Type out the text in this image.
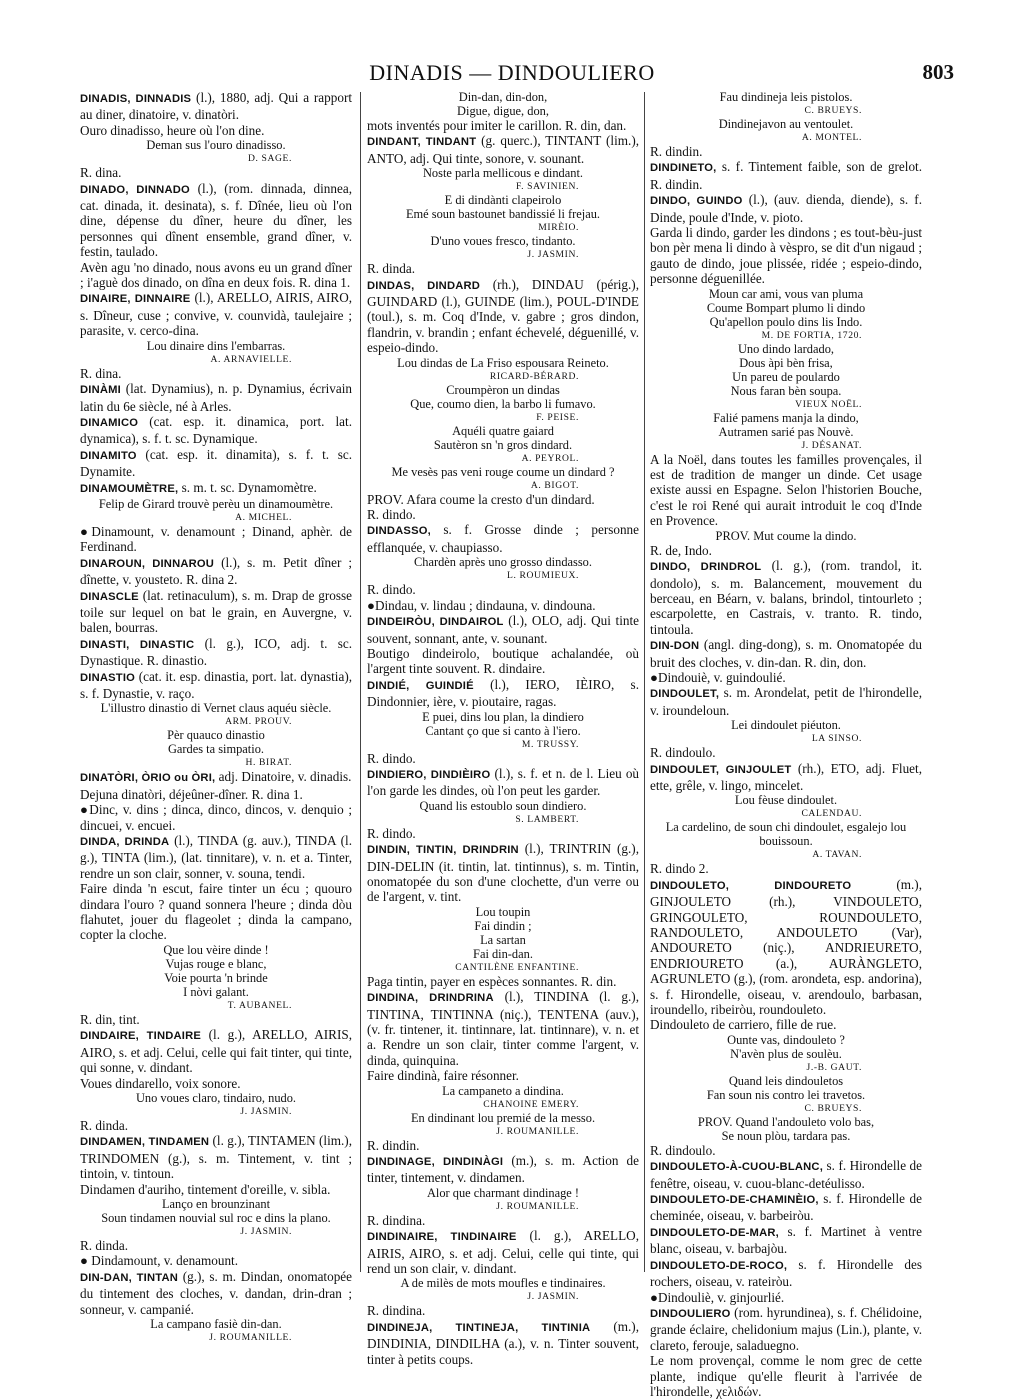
DINADIS — DINDOULIERO	803

DINADIS, DINNADIS (l.), 1880, adj. Qui a rapport au diner, dinatoire, v. dinatòri.

Ouro dinadisso, heure où l'on dine.

Deman sus l'ouro dinadisso.

D. SAGE.

R. dina.

DINADO, DINNADO (l.), (rom. dinnada, dinnea, cat. dinada, it. desinata), s. f. Dînée, lieu où l'on dine, dépense du dîner, heure du dîner, les personnes qui dînent ensemble, grand dîner, v. festin, taulado.

Avèn agu 'no dinado, nous avons eu un grand dîner ; i'aguè dos dinado, on dîna en deux fois. R. dina 1.

DINAIRE, DINNAIRE (l.), ARELLO, AIRIS, AIRO, s. Dîneur, cuse ; convive, v. counvidà, taulejaire ; parasite, v. cerco-dina.

Lou dinaire dins l'embarras.

A. ARNAVIELLE.

R. dina.

DINÀMI (lat. Dynamius), n. p. Dynamius, écrivain latin du 6e siècle, né à Arles.

DINAMICO (cat. esp. it. dinamica, port. lat. dynamica), s. f. t. sc. Dynamique.

DINAMITO (cat. esp. it. dinamita), s. f. t. sc. Dynamite.

DINAMOUMÈTRE, s. m. t. sc. Dynamomètre.

Felip de Girard trouvè perèu un dinamoumètre.

A. MICHEL.

●Dinamount, v. denamount ; Dinand, aphèr. de Ferdinand.

DINAROUN, DINNAROU (l.), s. m. Petit dîner ; dînette, v. yousteto. R. dina 2.

DINASCLE (lat. retinaculum), s. m. Drap de grosse toile sur lequel on bat le grain, en Auvergne, v. balen, bourras.

DINASTI, DINASTIC (l. g.), ICO, adj. t. sc. Dynastique. R. dinastio.

DINASTIO (cat. it. esp. dinastia, port. lat. dynastia), s. f. Dynastie, v. raço.

L'illustro dinastio di Vernet claus aquéu siècle.

ARM. PROUV.

Pèr quauco dinastio
Gardes ta simpatio.

H. BIRAT.

DINATÒRI, ÒRIO ou ÒRI, adj. Dinatoire, v. dinadis.

Dejuna dinatòri, déjeûner-dîner. R. dina 1.

●Dinc, v. dins ; dinca, dinco, dincos, v. denquio ; dincuei, v. encuei.

DINDA, DRINDA (l.), TINDA (g. auv.), TINDA (l. g.), TINTA (lim.), (lat. tinnitare), v. n. et a. Tinter, rendre un son clair, sonner, v. souna, tendi.

Faire dinda 'n escut, faire tinter un écu ; quouro dindara l'ouro ? quand sonnera l'heure ; dinda dòu flahutet, jouer du flageolet ; dinda la campano, copter la cloche.

Que lou vèire dinde !
Vujas rouge e blanc,
Voie pourta 'n brinde
I nòvi galant.

T. AUBANEL.

R. din, tint.

DINDAIRE, TINDAIRE (l. g.), ARELLO, AIRIS, AIRO, s. et adj. Celui, celle qui fait tinter, qui tinte, qui sonne, v. dindant.

Voues dindarello, voix sonore.

Uno voues claro, tindairo, nudo.

J. JASMIN.

R. dinda.

DINDAMEN, TINDAMEN (l. g.), TINTAMEN (lim.), TRINDOMEN (g.), s. m. Tintement, v. tint ; tintoin, v. tintoun.

Dindamen d'auriho, tintement d'oreille, v. sibla.

Lanço en brounzinant
Soun tindamen nouvial sul roc e dins la plano.

J. JASMIN.

R. dinda.

● Dindamount, v. denamount.

DIN-DAN, TINTAN (g.), s. m. Dindan, onomatopée du tintement des cloches, v. dandan, drin-dran ; sonneur, v. campanié.

La campano fasiè din-dan.

J. ROUMANILLE.

Din-dan, din-don,
Digue, digue, don,

mots inventés pour imiter le carillon. R. din, dan.

DINDANT, TINDANT (g. querc.), TINTANT (lim.), ANTO, adj. Qui tinte, sonore, v. sounant.

Noste parla mellicous e dindant.

F. SAVINIEN.

E di dindànti clapeirolo
Emé soun bastounet bandissié li frejau.

MIRÈIO.

D'uno voues fresco, tindanto.

J. JASMIN.

R. dinda.

DINDAS, DINDARD (rh.), DINDAU (périg.), GUINDARD (l.), GUINDE (lim.), POUL-D'INDE (toul.), s. m. Coq d'Inde, v. gabre ; gros dindon, flandrin, v. brandin ; enfant échevelé, déguenillé, v. espeio-dindo.

Lou dindas de La Friso espousara Reineto.

RICARD-BÉRARD.

Croumpèron un dindas
Que, coumo dien, la barbo li fumavo.

F. PEISE.

Aquéli quatre gaiard
Sautèron sn 'n gros dindard.

A. PEYROL.

Me vesès pas veni rouge coume un dindard ?

A. BIGOT.

PROV. Afara coume la cresto d'un dindard.

R. dindo.

DINDASSO, s. f. Grosse dinde ; personne efflanquée, v. chaupiasso.

Chardèn après uno grosso dindasso.

L. ROUMIEUX.

R. dindo.

●Dindau, v. lindau ; dindauna, v. dindouna.

DINDEIRÒU, DINDAIROL (l.), OLO, adj. Qui tinte souvent, sonnant, ante, v. sounant.

Boutigo dindeirolo, boutique achalandée, où l'argent tinte souvent. R. dindaire.

DINDIÉ, GUINDIÉ (l.), IERO, IÈIRO, s. Dindonnier, ière, v. pioutaire, ragas.

E puei, dins lou plan, la dindiero
Cantant ço que si canto à l'iero.

M. TRUSSY.

R. dindo.

DINDIERO, DINDIÈIRO (l.), s. f. et n. de l. Lieu où l'on garde les dindes, où l'on peut les garder.

Quand lis estoublo soun dindiero.

S. LAMBERT.

R. dindo.

DINDIN, TINTIN, DRINDRIN (l.), TRINTRIN (g.), DIN-DELIN (it. tintin, lat. tintinnus), s. m. Tintin, onomatopée du son d'une clochette, d'un verre ou de l'argent, v. tint.

Lou toupin
Fai dindin ;
La sartan
Fai din-dan.

CANTILÈNE ENFANTINE.

Paga tintin, payer en espèces sonnantes. R. din.

DINDINA, DRINDRINA (l.), TINDINA (l. g.), TINTINA, TINTINNA (niç.), TENTENA (auv.), (v. fr. tintener, it. tintinnare, lat. tintinnare), v. n. et a. Rendre un son clair, tinter comme l'argent, v. dinda, quinquina.

Faire dindinà, faire résonner.

La campaneto a dindina.

CHANOINE EMERY.

En dindinant lou premié de la messo.

J. ROUMANILLE.

R. dindin.

DINDINAGE, DINDINÀGI (m.), s. m. Action de tinter, tintement, v. dindamen.

Alor que charmant dindinage !

J. ROUMANILLE.

R. dindina.

DINDINAIRE, TINDINAIRE (l. g.), ARELLO, AIRIS, AIRO, s. et adj. Celui, celle qui tinte, qui rend un son clair, v. dindant.

A de milès de mots moufles e tindinaires.

J. JASMIN.

R. dindina.

DINDINEJA, TINTINEJA, TINTINIA (m.), DINDINIA, DINDILHA (a.), v. n. Tinter souvent, tinter à petits coups.

Fau dindineja leis pistolos.

C. BRUEYS.

Dindinejavon au ventoulet.

A. MONTEL.

R. dindin.

DINDINETO, s. f. Tintement faible, son de grelot. R. dindin.

DINDO, GUINDO (l.), (auv. dienda, diende), s. f. Dinde, poule d'Inde, v. pioto.

Garda li dindo, garder les dindons ; es tout-bèu-just bon pèr mena li dindo à vèspro, se dit d'un nigaud ; gauto de dindo, joue plissée, ridée ; espeio-dindo, personne déguenillée.

Moun car ami, vous van pluma
Coume Bompart plumo li dindo
Qu'apellon poulo dins lis Indo.

M. DE FORTIA, 1720.

Uno dindo lardado,
Dous àpi bèn frisa,
Un pareu de poulardo
Nous faran bèn soupa.

VIEUX NOËL.

Falié pamens manja la dindo,
Autramen sarié pas Nouvè.

J. DÉSANAT.

A la Noël, dans toutes les familles provençales, il est de tradition de manger un dinde. Cet usage existe aussi en Espagne. Selon l'historien Bouche, c'est le roi René qui aurait introduit le coq d'Inde en Provence.

PROV. Mut coume la dindo.

R. de, Indo.

DINDO, DRINDROL (l. g.), (rom. trandol, it. dondolo), s. m. Balancement, mouvement du berceau, en Béarn, v. balans, brindol, tintourleto ; escarpolette, en Castrais, v. tranto. R. tindo, tintoula.

DIN-DON (angl. ding-dong), s. m. Onomatopée du bruit des cloches, v. din-dan. R. din, don.

●Dindouiè, v. guindoulié.

DINDOULET, s. m. Arondelat, petit de l'hirondelle, v. iroundeloun.

Lei dindoulet piéuton.

LA SINSO.

R. dindoulo.

DINDOULET, GINJOULET (rh.), ETO, adj. Fluet, ette, grêle, v. lingo, mincelet.

Lou fèuse dindoulet.

CALENDAU.

La cardelino, de soun chi dindoulet, esgalejo lou bouissoun.

A. TAVAN.

R. dindo 2.

DINDOULETO, DINDOURETO	(m.), GINJOULETO (rh.), VINDOULETO, GRINGOULETO, ROUNDOULETO, RANDOULETO, ANDOULETO (Var), ANDOURETO (niç.), ANDRIEURETO, ENDRIOURETO (a.), AURÀNGLETO, AGRUNLETO (g.), (rom. arondeta, esp. andorina), s. f. Hirondelle, oiseau, v. arendoulo, barbasan, iroundello, ribeiròu, roundouleto.

Dindouleto de carriero, fille de rue.

Ounte vas, dindouleto ?
N'avèn plus de soulèu.

J.-B. GAUT.

Quand leis dindouletos
Fan soun nis contro lei travetos.

C. BRUEYS.

PROV. Quand l'andouleto volo bas,
Se noun plòu, tardara pas.

R. dindoulo.

DINDOULETO-À-CUOU-BLANC, s. f. Hirondelle de fenêtre, oiseau, v. cuou-blanc-detéulisso.

DINDOULETO-DE-CHAMINÈIO, s. f. Hirondelle de cheminée, oiseau, v. barbeiròu.

DINDOULETO-DE-MAR, s. f. Martinet à ventre blanc, oiseau, v. barbajòu.

DINDOULETO-DE-ROCO, s. f. Hirondelle des rochers, oiseau, v. rateiròu.

●Dindouliè, v. ginjourlié.

DINDOULIERO (rom. hyrundinea), s. f. Chélidoine, grande éclaire, chelidonium majus (Lin.), plante, v. clareto, ferouje, saladuegno.

Le nom provençal, comme le nom grec de cette plante, indique qu'elle fleurit à l'arrivée de l'hirondelle, χελιδών.
